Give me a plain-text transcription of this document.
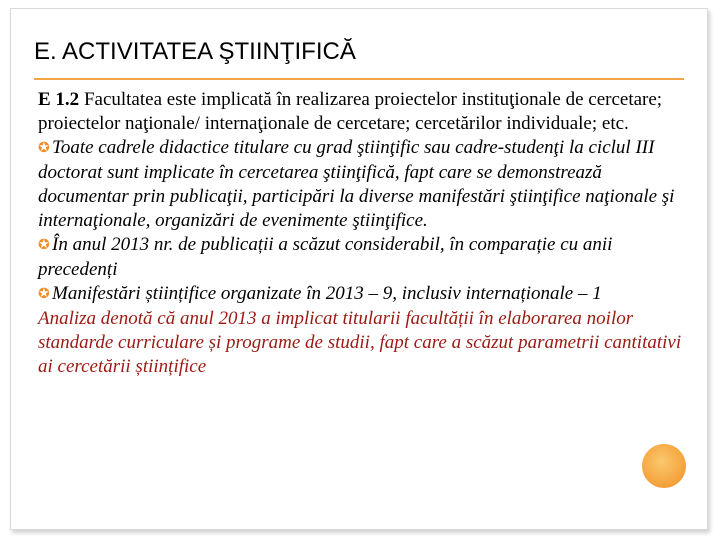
E. ACTIVITATEA ŞTIINŢIFICĂ

E 1.2 Facultatea este implicată în realizarea proiectelor instituţionale de cercetare; proiectelor naţionale/ internaţionale de cercetare; cercetărilor individuale; etc.

✪ Toate cadrele didactice titulare cu grad ştiinţific sau cadre-studenţi la ciclul III doctorat sunt implicate în cercetarea ştiinţifică, fapt care se demonstrează documentar prin publicaţii, participări la diverse manifestări ştiinţifice naţionale şi internaţionale, organizări de evenimente ştiinţifice.

✪ În anul 2013 nr. de publicații a scăzut considerabil, în comparație cu anii precedenți

✪ Manifestări științifice organizate în 2013 – 9, inclusiv internaționale – 1

Analiza denotă că anul 2013 a implicat titularii facultății în elaborarea noilor standarde curriculare și programe de studii, fapt care a scăzut parametrii cantitativi ai cercetării științifice
